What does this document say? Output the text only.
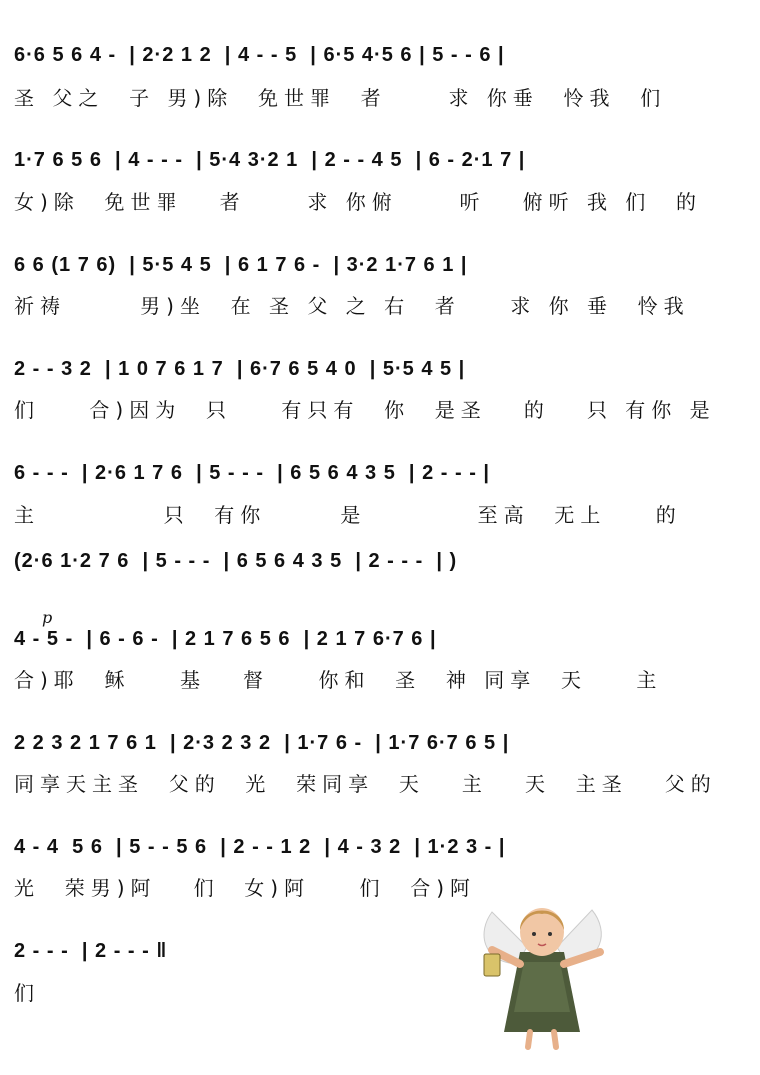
6·6 5 6 4 -  | 2·2 1 2  | 4 - - 5  | 6·5 4·5 6 | 5 - - 6 |
圣 父之  子 男)除  免世罪  者     求 你垂  怜我  们
1·7 6 5 6  | 4 - - -  | 5·4 3·2 1  | 2 - - 4 5  | 6 - 2·1 7 |
女)除  免世罪   者     求 你俯     听   俯听 我 们  的
6 6 (1 7 6)  | 5·5 4 5  | 6 1 7 6 -  | 3·2 1·7 6 1 |
祈祷      男)坐  在 圣 父 之 右  者    求 你 垂  怜我
2 - - 3 2  | 1 0 7 6 1 7  | 6·7 6 5 4 0  | 5·5 4 5 |
们    合)因为  只    有只有  你  是圣   的   只 有你 是
6 - - -  | 2·6 1 7 6  | 5 - - -  | 6 5 6 4 3 5  | 2 - - - |
主          只  有你      是         至高  无上    的
(2·6 1·2 7 6  | 5 - - -  | 6 5 6 4 3 5  | 2 - - -  | )
p
4 - 5 -  | 6 - 6 -  | 2 1 7 6 5 6  | 2 1 7 6·7 6 |
合)耶  稣    基   督    你和  圣  神 同享  天    主
2 2 3 2 1 7 6 1  | 2·3 2 3 2  | 1·7 6 -  | 1·7 6·7 6 5 |
同享天主圣  父的  光  荣同享  天   主   天  主圣   父的
4 - 4  5 6  | 5 - - 5 6  | 2 - - 1 2  | 4 - 3 2  | 1·2 3 - |
光  荣男)阿   们  女)阿    们  合)阿
2 - - -  | 2 - - - ‖
们
